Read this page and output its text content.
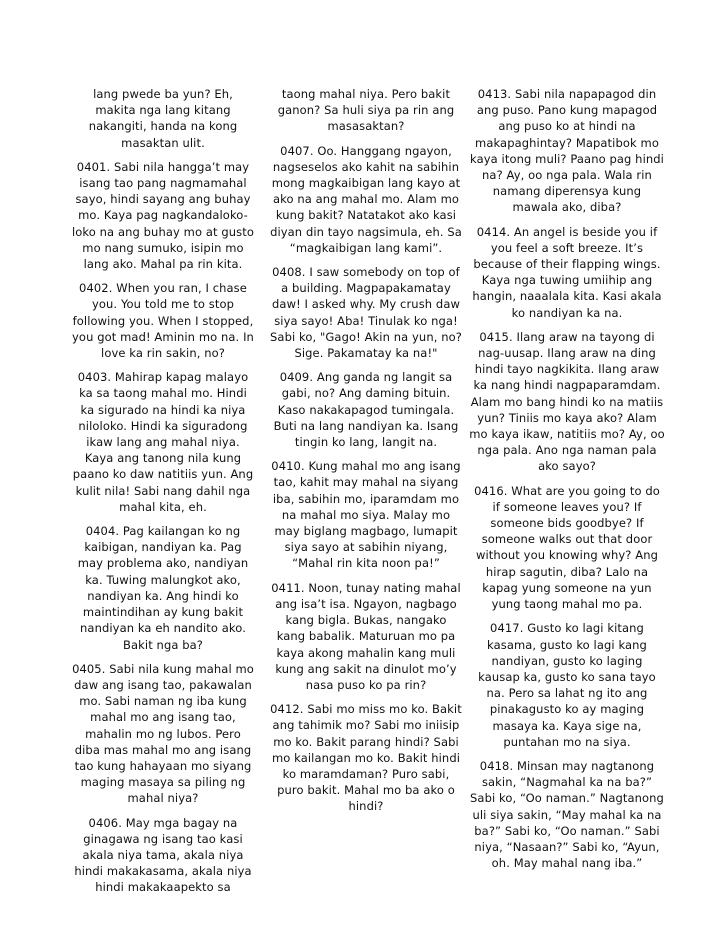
lang pwede ba yun? Eh, makita nga lang kitang nakangiti, handa na kong masaktan ulit.

0401. Sabi nila hangga’t may isang tao pang nagmamahal sayo, hindi sayang ang buhay mo. Kaya pag nagkandaloko-loko na ang buhay mo at gusto mo nang sumuko, isipin mo lang ako. Mahal pa rin kita.

0402. When you ran, I chase you. You told me to stop following you. When I stopped, you got mad! Aminin mo na. In love ka rin sakin, no?

0403. Mahirap kapag malayo ka sa taong mahal mo. Hindi ka sigurado na hindi ka niya niloloko. Hindi ka siguradong ikaw lang ang mahal niya. Kaya ang tanong nila kung paano ko daw natitiis yun. Ang kulit nila! Sabi nang dahil nga mahal kita, eh.

0404. Pag kailangan ko ng kaibigan, nandiyan ka. Pag may problema ako, nandiyan ka. Tuwing malungkot ako, nandiyan ka. Ang hindi ko maintindihan ay kung bakit nandiyan ka eh nandito ako. Bakit nga ba?

0405. Sabi nila kung mahal mo daw ang isang tao, pakawalan mo. Sabi naman ng iba kung mahal mo ang isang tao, mahalin mo ng lubos. Pero diba mas mahal mo ang isang tao kung hahayaan mo siyang maging masaya sa piling ng mahal niya?

0406. May mga bagay na ginagawa ng isang tao kasi akala niya tama, akala niya hindi makakasama, akala niya hindi makakaapekto sa

taong mahal niya. Pero bakit ganon? Sa huli siya pa rin ang masasaktan?

0407. Oo. Hanggang ngayon, nagseselos ako kahit na sabihin mong magkaibigan lang kayo at ako na ang mahal mo. Alam mo kung bakit? Natatakot ako kasi diyan din tayo nagsimula, eh. Sa “magkaibigan lang kami”.

0408. I saw somebody on top of a building. Magpapakamatay daw! I asked why. My crush daw siya sayo! Aba! Tinulak ko nga! Sabi ko, "Gago! Akin na yun, no? Sige. Pakamatay ka na!"

0409. Ang ganda ng langit sa gabi, no? Ang daming bituin. Kaso nakakapagod tumingala. Buti na lang nandiyan ka. Isang tingin ko lang, langit na.

0410. Kung mahal mo ang isang tao, kahit may mahal na siyang iba, sabihin mo, iparamdam mo na mahal mo siya. Malay mo may biglang magbago, lumapit siya sayo at sabihin niyang, “Mahal rin kita noon pa!”

0411. Noon, tunay nating mahal ang isa’t isa. Ngayon, nagbago kang bigla. Bukas, nangako kang babalik. Maturuan mo pa kaya akong mahalin kang muli kung ang sakit na dinulot mo’y nasa puso ko pa rin?

0412. Sabi mo miss mo ko. Bakit ang tahimik mo? Sabi mo iniisip mo ko. Bakit parang hindi? Sabi mo kailangan mo ko. Bakit hindi ko maramdaman? Puro sabi, puro bakit. Mahal mo ba ako o hindi?

0413. Sabi nila napapagod din ang puso. Pano kung mapagod ang puso ko at hindi na makapaghintay? Mapatibok mo kaya itong muli? Paano pag hindi na? Ay, oo nga pala. Wala rin namang diperensya kung mawala ako, diba?

0414. An angel is beside you if you feel a soft breeze. It’s because of their flapping wings. Kaya nga tuwing umiihip ang hangin, naaalala kita. Kasi akala ko nandiyan ka na.

0415. Ilang araw na tayong di nag-uusap. Ilang araw na ding hindi tayo nagkikita. Ilang araw ka nang hindi nagpaparamdam. Alam mo bang hindi ko na matiis yun? Tiniis mo kaya ako? Alam mo kaya ikaw, natitiis mo? Ay, oo nga pala. Ano nga naman pala ako sayo?

0416. What are you going to do if someone leaves you? If someone bids goodbye? If someone walks out that door without you knowing why? Ang hirap sagutin, diba? Lalo na kapag yung someone na yun yung taong mahal mo pa.

0417. Gusto ko lagi kitang kasama, gusto ko lagi kang nandiyan, gusto ko laging kausap ka, gusto ko sana tayo na. Pero sa lahat ng ito ang pinakagusto ko ay maging masaya ka. Kaya sige na, puntahan mo na siya.

0418. Minsan may nagtanong sakin, “Nagmahal ka na ba?” Sabi ko, “Oo naman.” Nagtanong uli siya sakin, “May mahal ka na ba?” Sabi ko, “Oo naman.” Sabi niya, “Nasaan?” Sabi ko, “Ayun, oh. May mahal nang iba.”
